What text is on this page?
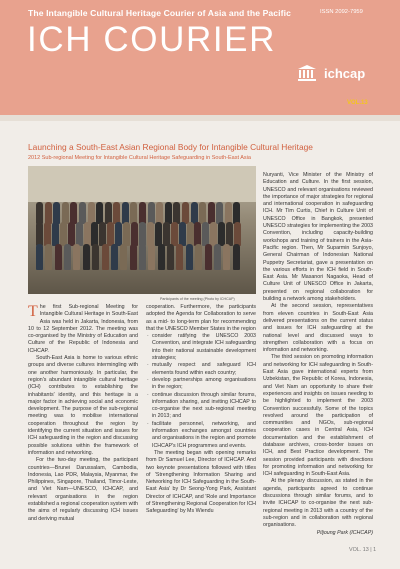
The Intangible Cultural Heritage Courier of Asia and the Pacific	ISSN 2092-7959
ICH COURIER
ichcap
VOL.13
Launching a South-East Asian Regional Body for Intangible Cultural Heritage
2012 Sub-regional Meeting for Intangible Cultural Heritage Safeguarding in South-East Asia
Participants of the meeting (Photo by ICHCAP)

The first Sub-regional Meeting for Intangible Cultural Heritage in South-East Asia was held in Jakarta, Indonesia, from 10 to 12 September 2012. The meeting was co-organised by the Ministry of Education and Culture of the Republic of Indonesia and ICHCAP.

South-East Asia is home to various ethnic groups and diverse cultures intermingling with one another harmoniously. In particular, the region's abundant intangible cultural heritage (ICH) contributes to establishing the inhabitants' identity, and this heritage is a major factor in achieving social and economic development. The purpose of the sub-regional meeting was to mobilise international cooperation throughout the region by identifying the current situation and issues for ICH safeguarding in the region and discussing possible solutions within the framework of information and networking.

For the two-day meeting, the participant countries—Brunei Darussalam, Cambodia, Indonesia, Lao PDR, Malaysia, Myanmar, the Philippines, Singapore, Thailand, Timor-Leste, and Viet Nam—UNESCO, ICHCAP, and relevant organisations in the region established a regional cooperation system with the aims of regularly discussing ICH issues and deriving mutual

cooperation. Furthermore, the participants adopted the Agenda for Collaboration to serve as a mid- to long-term plan for recommending that the UNESCO Member States in the region

· consider ratifying the UNESCO 2003 Convention, and integrate ICH safeguarding into their national sustainable development strategies;
· mutually respect and safeguard ICH elements found within each country;
· develop partnerships among organisations in the region;
· continue discussion through similar forums, information sharing, and inviting ICHCAP to co-organise the next sub-regional meeting in 2013; and
· facilitate personnel, networking, and information exchanges amongst countries and organisations in the region and promote ICHCAP's ICH programmes and events.

The meeting began with opening remarks from Dr Samuel Lee, Director of ICHCAP. And two keynote presentations followed with titles of 'Strengthening Information Sharing and Networking for ICH Safeguarding in the South-East Asia' by Dr Seong-Yong Park, Assistant Director of ICHCAP, and 'Role and Importance of Strengthening Regional Cooperation for ICH Safeguarding' by Ms Wiendu

Nuryanti, Vice Minister of the Ministry of Education and Culture. In the first session, UNESCO and relevant organisations reviewed the importance of major strategies for regional and international cooperation in safeguarding ICH. Mr Tim Curtis, Chief in Culture Unit of UNESCO Office in Bangkok, presented UNESCO strategies for implementing the 2003 Convention, including capacity-building workshops and training of trainers in the Asia-Pacific region. Then, Mr Suparmin Sunjoyo, General Chairman of Indonesian National Puppetry Secretariat, gave a presentation on the various efforts in the ICH field in South-East Asia. Mr Masanori Nagaoka, Head of Culture Unit of UNESCO Office in Jakarta, presented on regional collaboration for building a network among stakeholders.

At the second session, representatives from eleven countries in South-East Asia delivered presentations on the current status and issues for ICH safeguarding at the national level and discussed ways to strengthen collaboration with a focus on information and networking.

The third session on promoting information and networking for ICH safeguarding in South-East Asia gave international experts from Uzbekistan, the Republic of Korea, Indonesia, and Viet Nam an opportunity to share their experiences and insights on issues needing to be highlighted to implement the 2003 Convention successfully. Some of the topics revolved around the participation of communities and NGOs, sub-regional cooperation cases in Central Asia, ICH documentation and the establishment of database archives, cross-border issues on ICH, and Best Practice development. The session provided participants with directions for promoting information and networking for ICH safeguarding in South-East Asia.

At the plenary discussion, as stated in the agenda, participants agreed to continue discussions through similar forums, and to invite ICHCAP to co-organise the next sub-regional meeting in 2013 with a country of the sub-region and in collaboration with regional organisations.

Piljoung Park (ICHCAP)

VOL. 13 | 1
